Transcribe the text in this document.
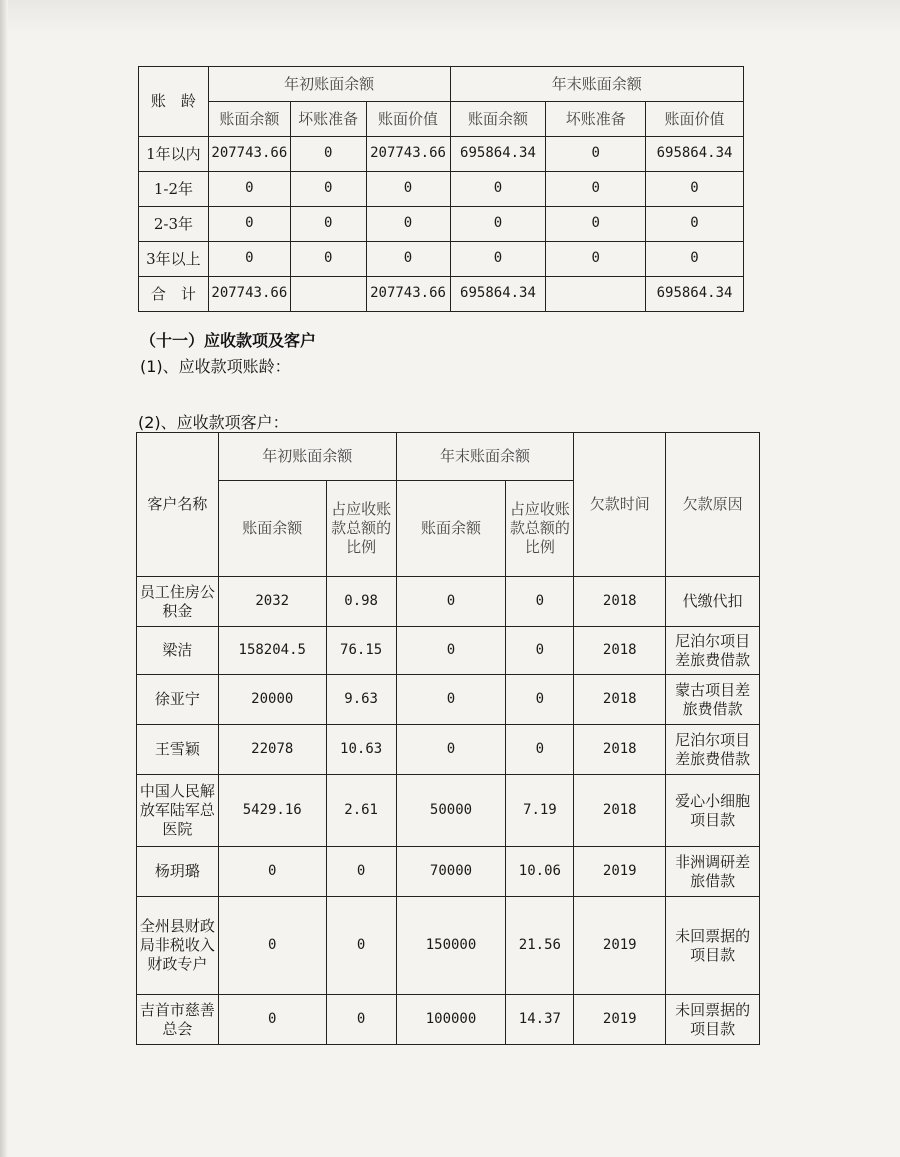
账　龄	年初账面余额			年末账面余额		
	账面余额	坏账准备	账面价值	账面余额	坏账准备	账面价值
1年以内	207743.66	0	207743.66	695864.34	0	695864.34
1-2年	0	0	0	0	0	0
2-3年	0	0	0	0	0	0
3年以上	0	0	0	0	0	0
合　计	207743.66		207743.66	695864.34		695864.34
（十一）应收款项及客户
(1)、应收款项账龄：
(2)、应收款项客户：
客户名称	年初账面余额		年末账面余额		欠款时间	欠款原因
	账面余额	占应收账款总额的比例	账面余额	占应收账款总额的比例		
员工住房公积金	2032	0.98	0	0	2018	代缴代扣
梁洁	158204.5	76.15	0	0	2018	尼泊尔项目差旅费借款
徐亚宁	20000	9.63	0	0	2018	蒙古项目差旅费借款
王雪颖	22078	10.63	0	0	2018	尼泊尔项目差旅费借款
中国人民解放军陆军总医院	5429.16	2.61	50000	7.19	2018	爱心小细胞项目款
杨玥璐	0	0	70000	10.06	2019	非洲调研差旅借款
全州县财政局非税收入财政专户	0	0	150000	21.56	2019	未回票据的项目款
吉首市慈善总会	0	0	100000	14.37	2019	未回票据的项目款
